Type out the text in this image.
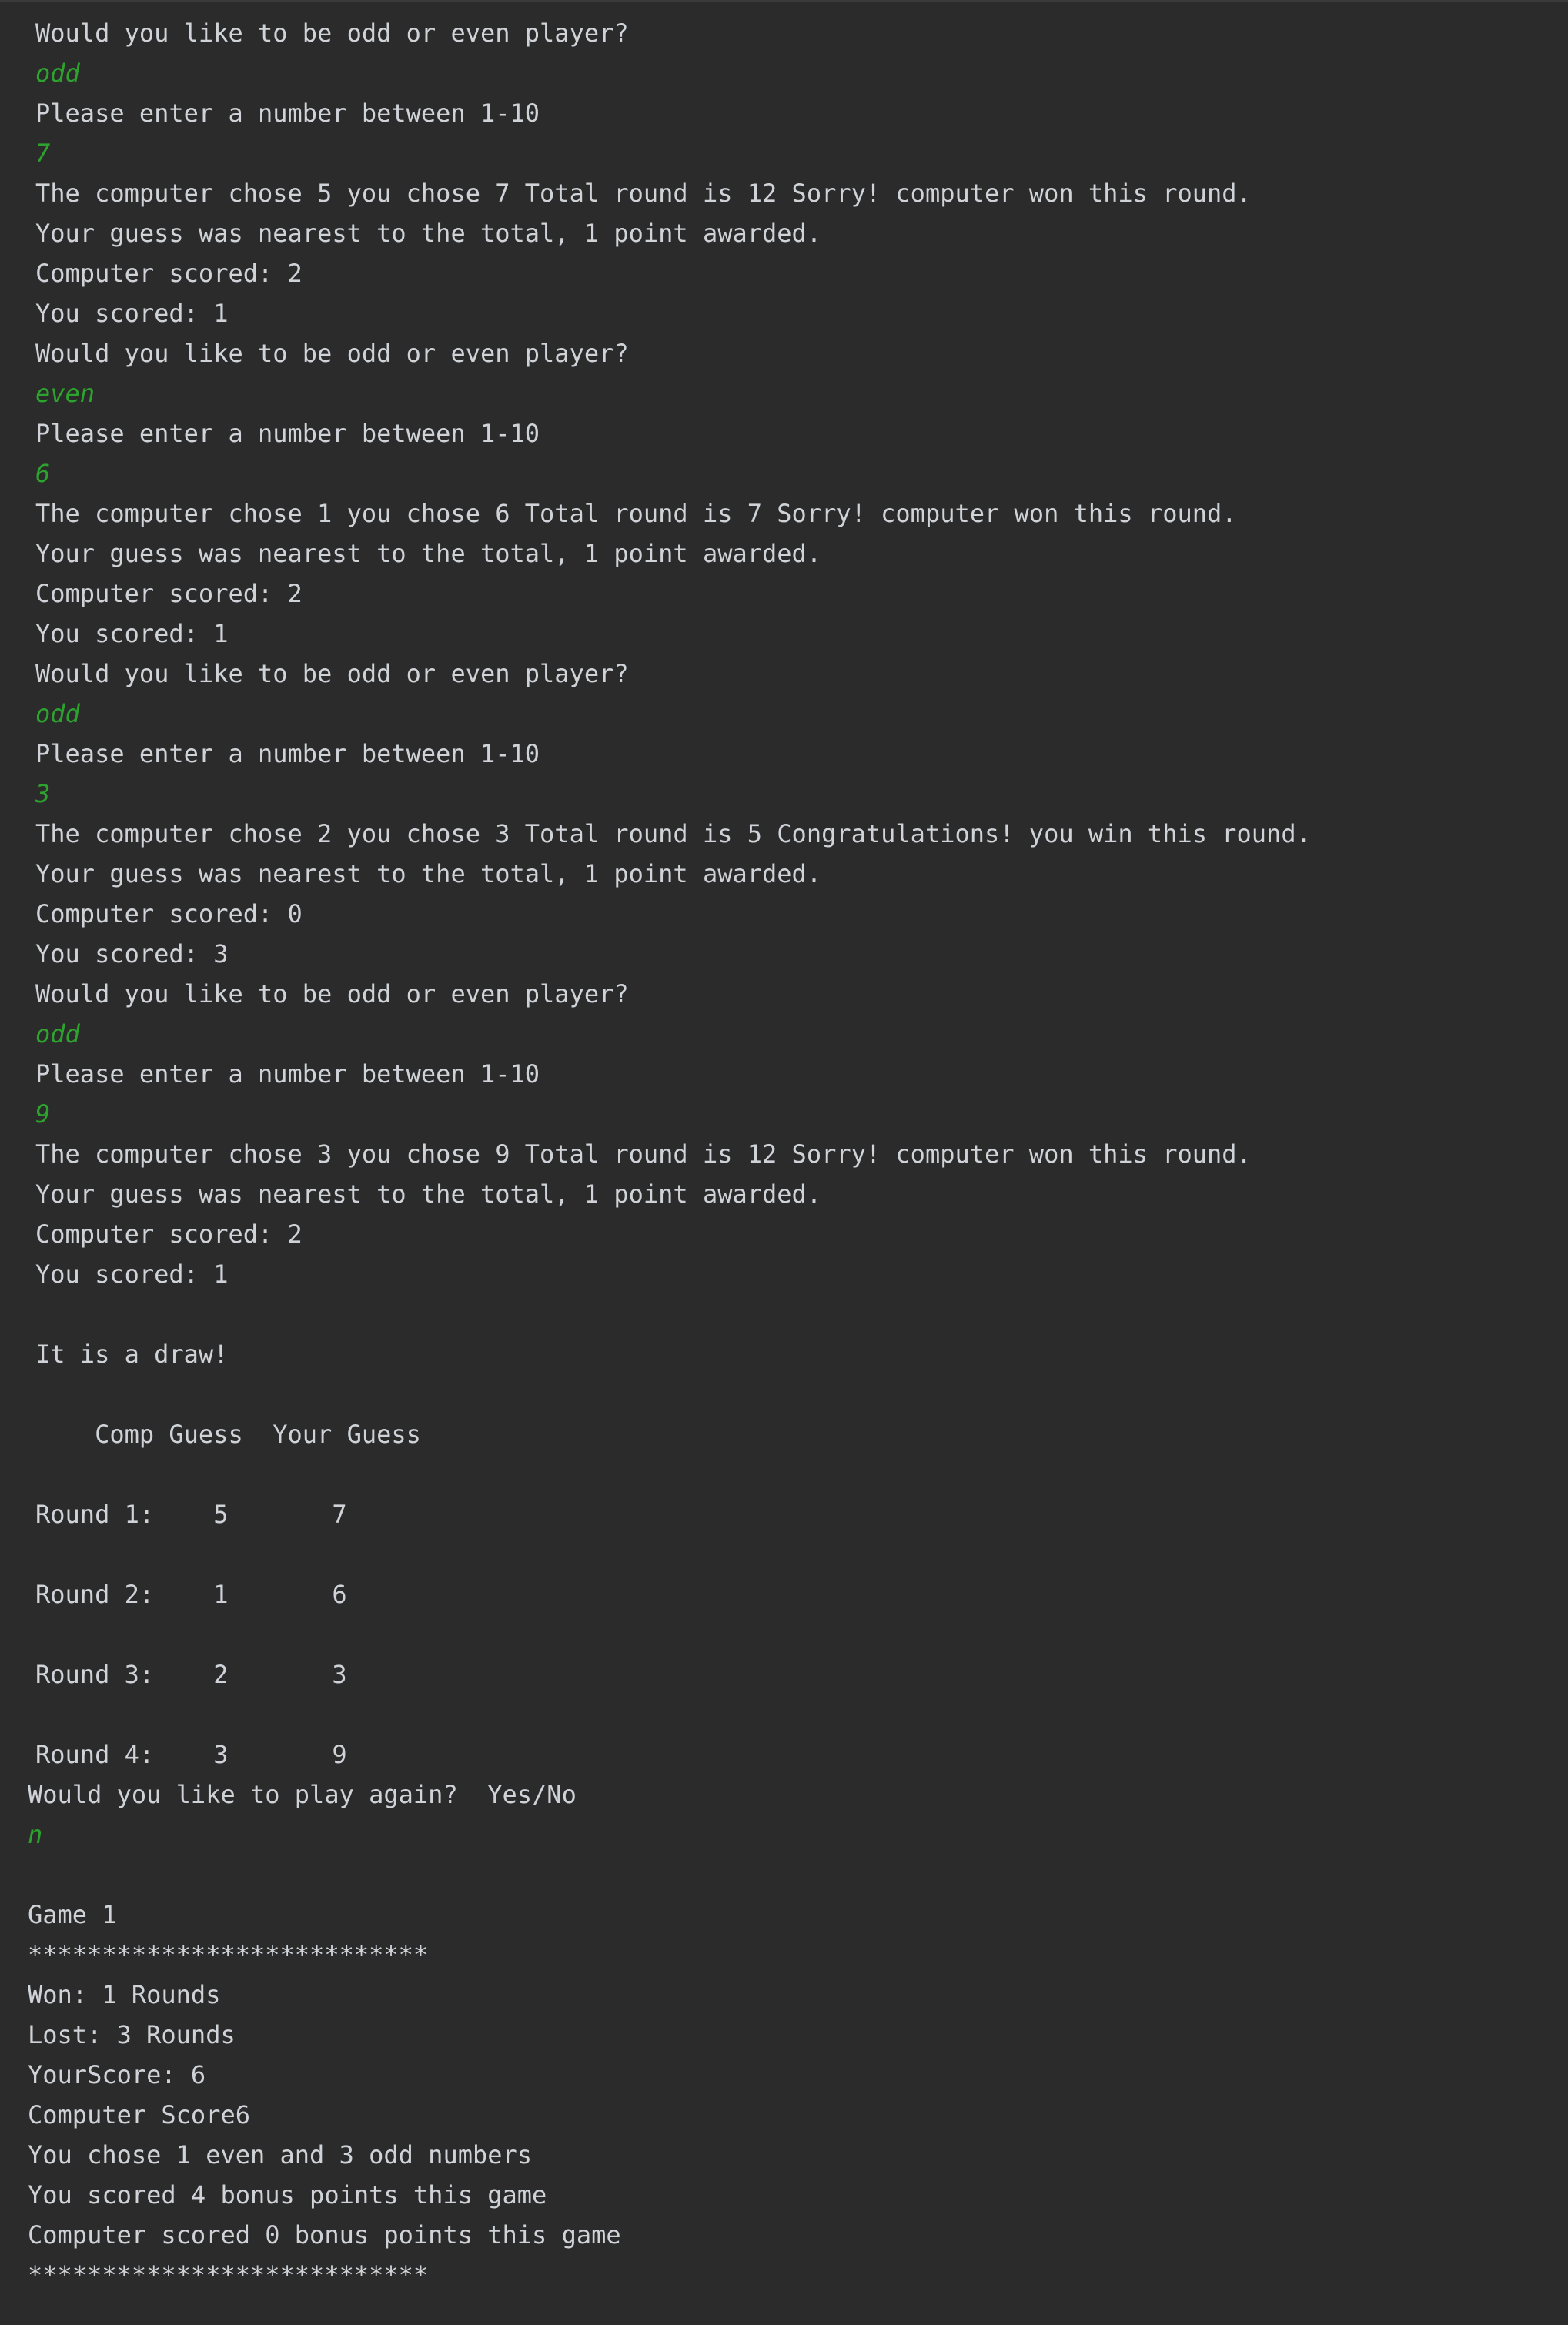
Would you like to be odd or even player?
odd
Please enter a number between 1-10
7
The computer chose 5 you chose 7 Total round is 12 Sorry! computer won this round.
Your guess was nearest to the total, 1 point awarded.
Computer scored: 2
You scored: 1
Would you like to be odd or even player?
even
Please enter a number between 1-10
6
The computer chose 1 you chose 6 Total round is 7 Sorry! computer won this round.
Your guess was nearest to the total, 1 point awarded.
Computer scored: 2
You scored: 1
Would you like to be odd or even player?
odd
Please enter a number between 1-10
3
The computer chose 2 you chose 3 Total round is 5 Congratulations! you win this round.
Your guess was nearest to the total, 1 point awarded.
Computer scored: 0
You scored: 3
Would you like to be odd or even player?
odd
Please enter a number between 1-10
9
The computer chose 3 you chose 9 Total round is 12 Sorry! computer won this round.
Your guess was nearest to the total, 1 point awarded.
Computer scored: 2
You scored: 1
It is a draw!
Comp Guess  Your Guess
Round 1:    5       7
Round 2:    1       6
Round 3:    2       3
Round 4:    3       9
Would you like to play again?  Yes/No
n
Game 1
***************************
Won: 1 Rounds
Lost: 3 Rounds
YourScore: 6
Computer Score6
You chose 1 even and 3 odd numbers
You scored 4 bonus points this game
Computer scored 0 bonus points this game
***************************
